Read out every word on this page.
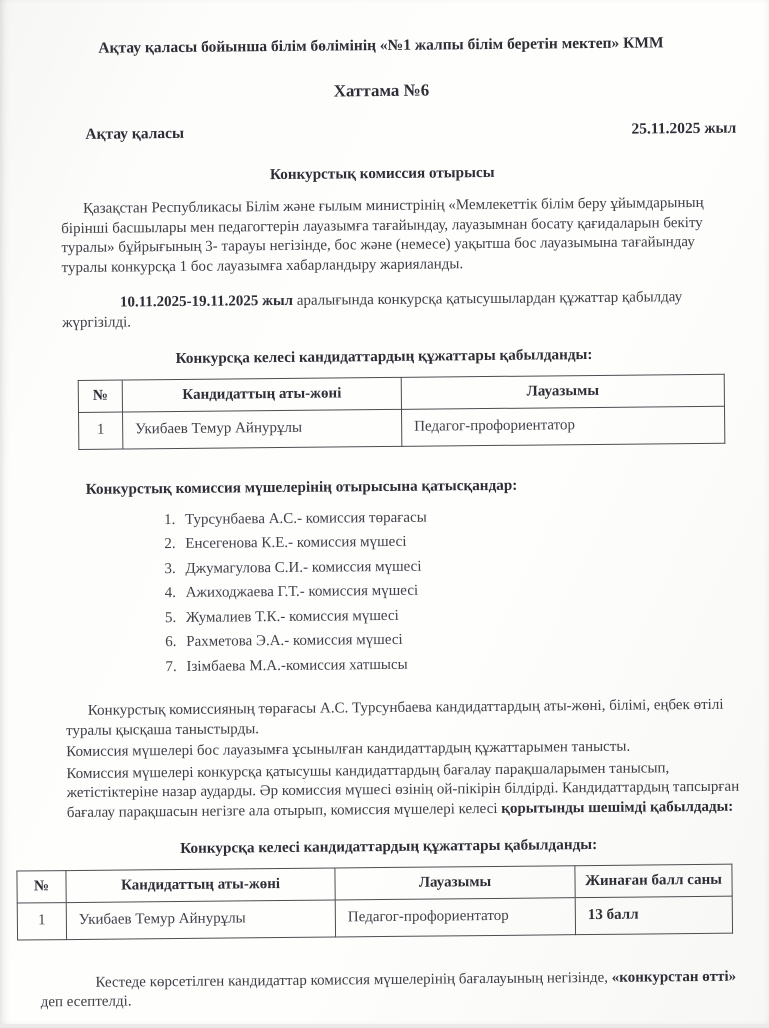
Ақтау қаласы бойынша білім бөлімінің «№1 жалпы білім беретін мектеп» КММ
Хаттама №6
Ақтау қаласы	25.11.2025 жыл
Конкурстық комиссия отырысы

Қазақстан Республикасы Білім және ғылым министрінің «Мемлекеттік білім беру ұйымдарының бірінші басшылары мен педагогтерін лауазымға тағайындау, лауазымнан босату қағидаларын бекіту туралы» бұйрығының 3- тарауы негізінде, бос және (немесе) уақытша бос лауазымына тағайындау туралы конкурсқа 1 бос лауазымға хабарландыру жарияланды.

10.11.2025-19.11.2025 жыл аралығында конкурсқа қатысушылардан құжаттар қабылдау жүргізілді.

Конкурсқа келесі кандидаттардың құжаттары қабылданды:
№	Кандидаттың аты-жөні	Лауазымы
1	Укибаев Темур Айнурұлы	Педагог-профориентатор
Конкурстық комиссия мүшелерінің отырысына қатысқандар:
1. Турсунбаева А.С.- комиссия төрағасы
2. Енсегенова К.Е.- комиссия мүшесі
3. Джумагулова С.И.- комиссия мүшесі
4. Ажиходжаева Г.Т.- комиссия мүшесі
5. Жумалиев Т.К.- комиссия мүшесі
6. Рахметова Э.А.- комиссия мүшесі
7. Ізімбаева М.А.-комиссия хатшысы

Конкурстық комиссияның төрағасы А.С. Турсунбаева кандидаттардың аты-жөні, білімі, еңбек өтілі туралы қысқаша таныстырды.

Комиссия мүшелері бос лауазымға ұсынылған кандидаттардың құжаттарымен танысты.

Комиссия мүшелері конкурсқа қатысушы кандидаттардың бағалау парақшаларымен танысып, жетістіктеріне назар аударды. Әр комиссия мүшесі өзінің ой-пікірін білдірді. Кандидаттардың тапсырған бағалау парақшасын негізге ала отырып, комиссия мүшелері келесі қорытынды шешімді қабылдады:

Конкурсқа келесі кандидаттардың құжаттары қабылданды:
№	Кандидаттың аты-жөні	Лауазымы	Жинаған балл саны
1	Укибаев Темур Айнурұлы	Педагог-профориентатор	13 балл

Кестеде көрсетілген кандидаттар комиссия мүшелерінің бағалауының негізінде, «конкурстан өтті» деп есептелді.
